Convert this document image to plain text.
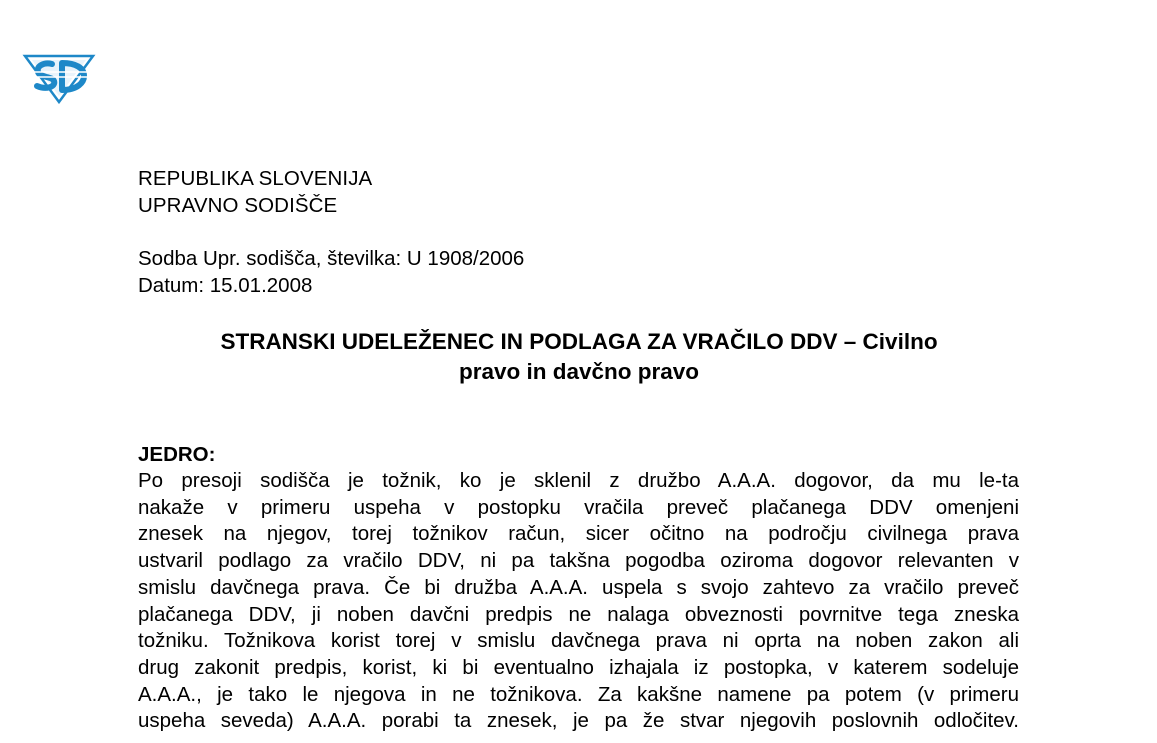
REPUBLIKA SLOVENIJA
UPRAVNO SODIŠČE
Sodba Upr. sodišča, številka: U 1908/2006
Datum: 15.01.2008
STRANSKI UDELEŽENEC IN PODLAGA ZA VRAČILO DDV – Civilno
pravo in davčno pravo
JEDRO:
Po presoji sodišča je tožnik, ko je sklenil z družbo A.A.A. dogovor, da mu le-ta
nakaže v primeru uspeha v postopku vračila preveč plačanega DDV omenjeni
znesek na njegov, torej tožnikov račun, sicer očitno na področju civilnega prava
ustvaril podlago za vračilo DDV, ni pa takšna pogodba oziroma dogovor relevanten v
smislu davčnega prava. Če bi družba A.A.A. uspela s svojo zahtevo za vračilo preveč
plačanega DDV, ji noben davčni predpis ne nalaga obveznosti povrnitve tega zneska
tožniku. Tožnikova korist torej v smislu davčnega prava ni oprta na noben zakon ali
drug zakonit predpis, korist, ki bi eventualno izhajala iz postopka, v katerem sodeluje
A.A.A., je tako le njegova in ne tožnikova. Za kakšne namene pa potem (v primeru
uspeha seveda) A.A.A. porabi ta znesek, je pa že stvar njegovih poslovnih odločitev.
